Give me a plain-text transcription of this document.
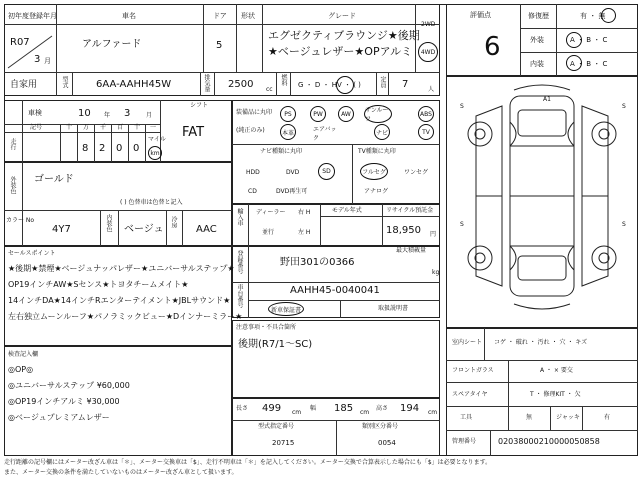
初年度登録年月
R07
3 月
車名
アルファード
ドア
5
形状	グレード
エグゼクティブラウンジ★後期
★ベージュレザー★OPアルミ
2WD
4WD
自家用	型式	6AA-AAHH45W	排気量 2500 cc
燃料 G ・ D ・ HV ・ ( )	定員 7	人
評価点
6
修復歴	有 ・ 無
外装	A ・ B ・ C
内装	A ・ B ・ C
車検	10 年 3	月
シフト
FAT
記号	十 万 千 百 十 一
走行	8 2 0 0
マイル
km
外装色 ゴールド
( ) 色替車は色替と記入
カラー No
4Y7	内装色 ベージュ
冷房
AAC
装備品に丸印
(純正のみ)
PS	PW	AW サンルーフ
ABS
本革
エアバック
ナビ	TV
ナビ種類に丸印
HDD	DVD	SD
CD	DVD再生可
TV種類に丸印
フルセグ	ワンセグ
アナログ
輸入車 ディーラー 右 H
並行	左 H
モデル年式	リサイクル預託金
18,950 円
登録番号	野田301の0366
最大積載量
kg
車台番号	AAHH45-0040041
新車保証書	取扱説明書
セールスポイント
★後期★禁煙★ベージュナッパレザー★ユニバーサルステップ★
OP19インチAW★Sセンス★トヨタチームメイト★
14インチDA★14インチRエンターテイメント★JBLサウンド★
左右独立ムーンルーフ★パノラミックビュー★Dインナーミラー★
注意事項・不具合箇所
後期(R7/1〜SC)
検査記入欄
◎OP◎
◎ユニバーサルステップ ¥60,000
◎OP19インチアルミ ¥30,000
◎ベージュプレミアムレザー
長さ 499 cm
幅 185 cm
高さ 194 cm
型式指定番号
20715
類別区分番号
0054
A1
S	S
S	S
室内シート コゲ ・ 破れ ・ 汚れ ・ 穴 ・ キズ
フロントガラス	A ・ × 要交
スペアタイヤ	T ・ 修理KIT ・ 欠
工具	無	ジャッキ	有
管理番号	02038000210000050858
走行距離の記号欄にはメーター改ざん車は「＊」、メーター交換車は「$」、走行不明車は「＊」を記入してください。メーター交換で合算表示した場合にも「$」は必要となります。
また、メーター交換の条件を満たしていないものはメーター改ざん車として扱います。
